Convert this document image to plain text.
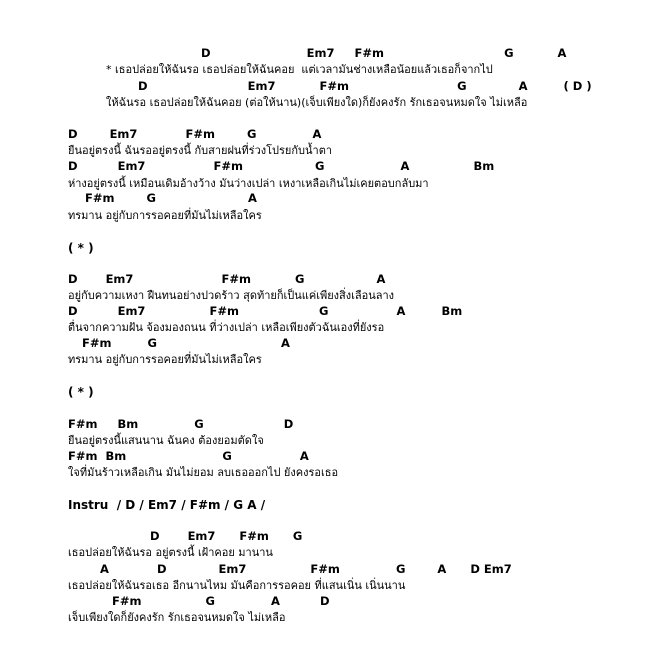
D                        Em7     F#m                              G           A
* เธอปล่อยให้ฉันรอ เธอปล่อยให้ฉันคอย  แต่เวลามันช่างเหลือน้อยแล้วเธอก็จากไป
D                         Em7           F#m                           G             A         ( D )
ให้ฉันรอ เธอปล่อยให้ฉันคอย (ต่อให้นาน)(เจ็บเพียงใด)ก็ยังคงรัก รักเธอจนหมดใจ ไม่เหลือ
D        Em7            F#m        G              A
ยืนอยู่ตรงนี้ ฉันรออยู่ตรงนี้ กับสายฝนที่ร่วงโปรยกับน้ำตา
D          Em7                 F#m                  G                   A                Bm
ห่างอยู่ตรงนี้ เหมือนเดิมอ้างว้าง มันว่างเปล่า เหงาเหลือเกินไม่เคยตอบกลับมา
F#m        G                       A
ทรมาน อยู่กับการรอคอยที่มันไม่เหลือใคร
( * )
D       Em7                      F#m           G                  A
อยู่กับความเหงา ฝืนทนอย่างปวดร้าว สุดท้ายก็เป็นแค่เพียงสิ่งเลือนลาง
D          Em7                F#m                    G                 A         Bm
ตื่นจากความฝัน จ้องมองถนน ที่ว่างเปล่า เหลือเพียงตัวฉันเองที่ยังรอ
F#m         G                               A
ทรมาน อยู่กับการรอคอยที่มันไม่เหลือใคร
( * )
F#m     Bm              G                    D
ยืนอยู่ตรงนี้แสนนาน ฉันคง ต้องยอมตัดใจ
F#m  Bm                        G                 A
ใจที่มันร้าวเหลือเกิน มันไม่ยอม ลบเธอออกไป ยังคงรอเธอ
Instru  / D / Em7 / F#m / G A /
D       Em7      F#m      G
เธอปล่อยให้ฉันรอ อยู่ตรงนี้ เฝ้าคอย มานาน
A            D             Em7                F#m              G        A      D Em7
เธอปล่อยให้ฉันรอเธอ อีกนานไหม มันคือการรอคอย ที่แสนเนิ่น เนิ่นนาน
F#m                G              A          D
เจ็บเพียงใดก็ยังคงรัก รักเธอจนหมดใจ ไม่เหลือ
